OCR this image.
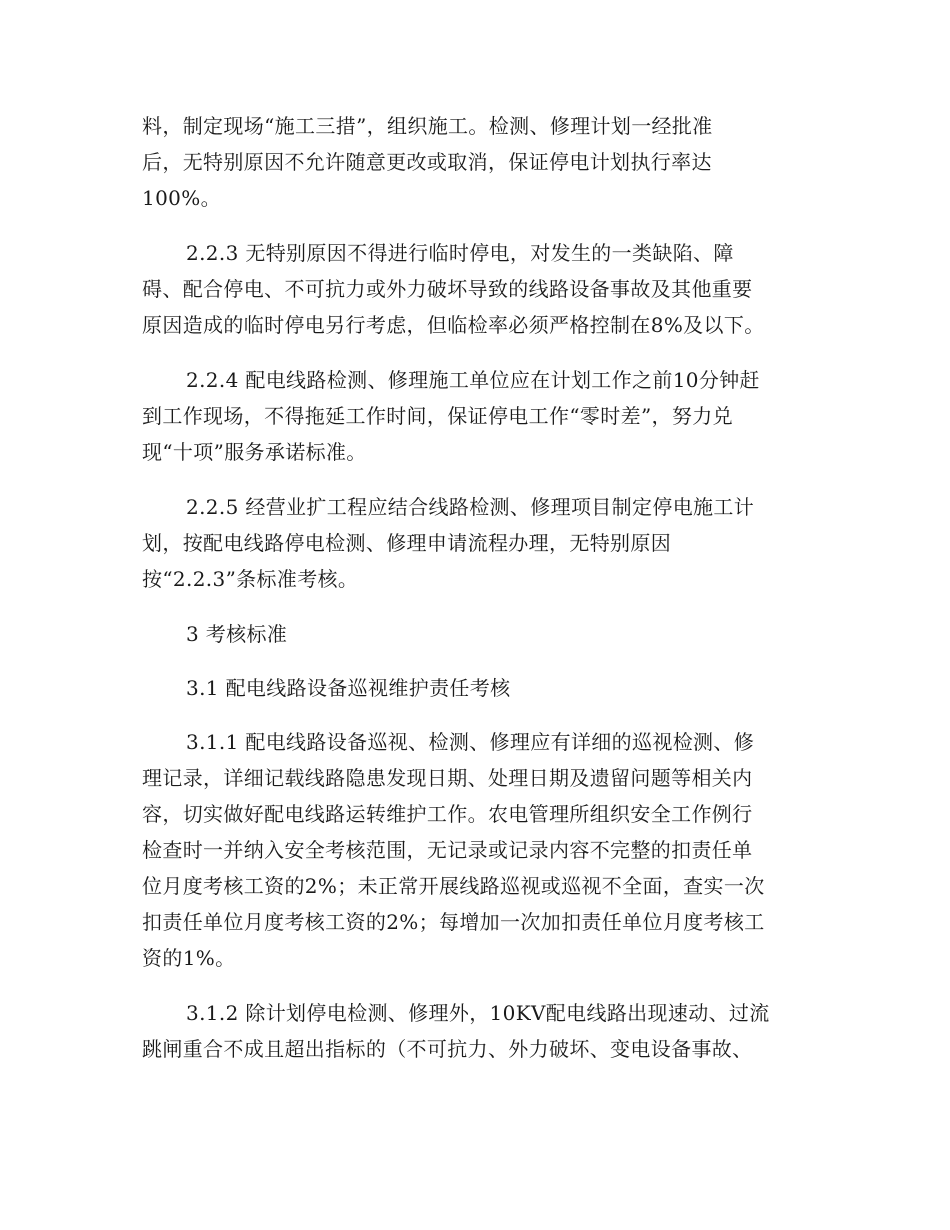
料，制定现场“施工三措”，组织施工。检测、修理计划一经批准
后，无特别原因不允许随意更改或取消，保证停电计划执行率达
100%。
2.2.3 无特别原因不得进行临时停电，对发生的一类缺陷、障
碍、配合停电、不可抗力或外力破坏导致的线路设备事故及其他重要
原因造成的临时停电另行考虑，但临检率必须严格控制在8%及以下。
2.2.4 配电线路检测、修理施工单位应在计划工作之前10分钟赶
到工作现场，不得拖延工作时间，保证停电工作“零时差”，努力兑
现“十项”服务承诺标准。
2.2.5 经营业扩工程应结合线路检测、修理项目制定停电施工计
划，按配电线路停电检测、修理申请流程办理，无特别原因
按“2.2.3”条标准考核。
3 考核标准
3.1 配电线路设备巡视维护责任考核
3.1.1 配电线路设备巡视、检测、修理应有详细的巡视检测、修
理记录，详细记载线路隐患发现日期、处理日期及遗留问题等相关内
容，切实做好配电线路运转维护工作。农电管理所组织安全工作例行
检查时一并纳入安全考核范围，无记录或记录内容不完整的扣责任单
位月度考核工资的2%；未正常开展线路巡视或巡视不全面，查实一次
扣责任单位月度考核工资的2%；每增加一次加扣责任单位月度考核工
资的1%。
3.1.2 除计划停电检测、修理外，10KV配电线路出现速动、过流
跳闸重合不成且超出指标的（不可抗力、外力破坏、变电设备事故、
